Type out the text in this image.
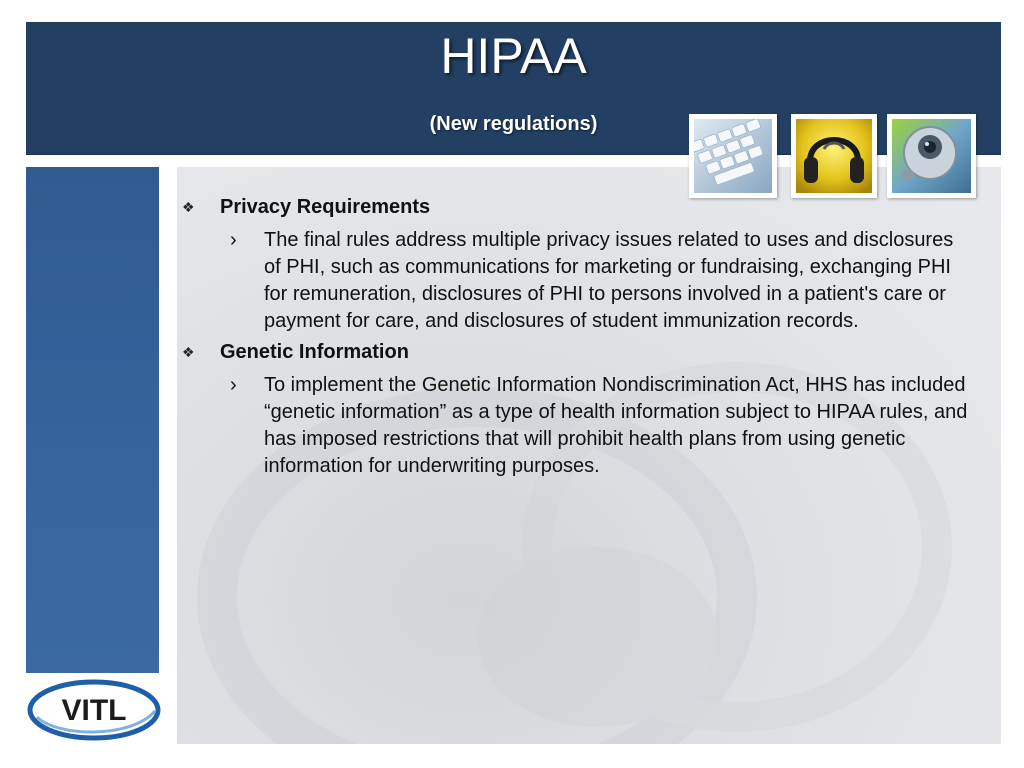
HIPAA
(New regulations)
❖ Privacy Requirements
› The final rules address multiple privacy issues related to uses and disclosures of PHI, such as communications for marketing or fundraising, exchanging PHI for remuneration, disclosures of PHI to persons involved in a patient's care or payment for care, and disclosures of student immunization records.
❖ Genetic Information
› To implement the Genetic Information Nondiscrimination Act, HHS has included “genetic information” as a type of health information subject to HIPAA rules, and has imposed restrictions that will prohibit health plans from using genetic information for underwriting purposes.
VITL
